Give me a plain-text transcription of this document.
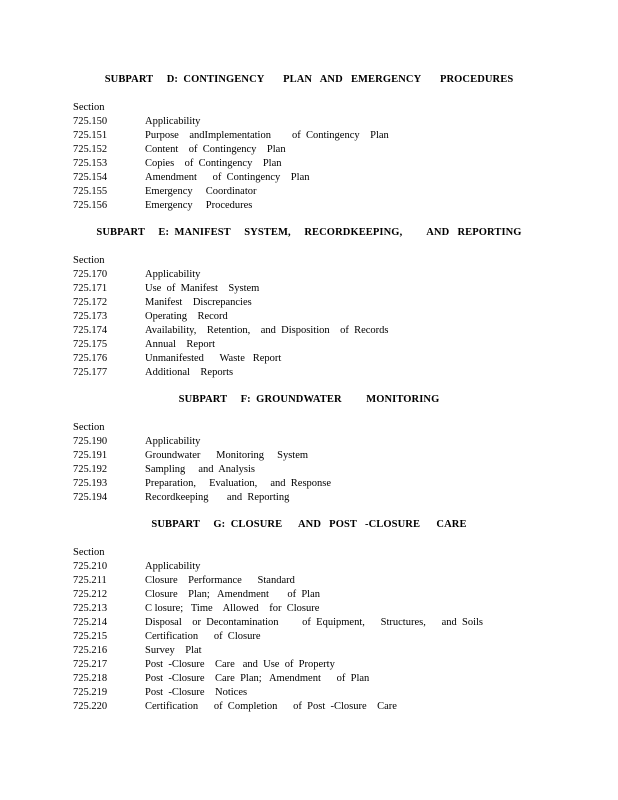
SUBPART     D:  CONTINGENCY       PLAN   AND   EMERGENCY       PROCEDURES
Section
725.150	Applicability
725.151	Purpose    andImplementation        of  Contingency    Plan
725.152	Content    of  Contingency    Plan
725.153	Copies    of  Contingency    Plan
725.154	Amendment      of  Contingency    Plan
725.155	Emergency     Coordinator
725.156	Emergency     Procedures
SUBPART     E:  MANIFEST     SYSTEM,     RECORDKEEPING,         AND   REPORTING
Section
725.170	Applicability
725.171	Use  of  Manifest    System
725.172	Manifest    Discrepancies
725.173	Operating    Record
725.174	Availability,    Retention,    and  Disposition    of  Records
725.175	Annual    Report
725.176	Unmanifested      Waste   Report
725.177	Additional    Reports
SUBPART     F:  GROUNDWATER         MONITORING
Section
725.190	Applicability
725.191	Groundwater      Monitoring     System
725.192	Sampling     and  Analysis
725.193	Preparation,     Evaluation,     and  Response
725.194	Recordkeeping       and  Reporting
SUBPART     G:  CLOSURE      AND   POST   -CLOSURE      CARE
Section
725.210	Applicability
725.211	Closure    Performance      Standard
725.212	Closure    Plan;   Amendment       of  Plan
725.213	C losure;   Time    Allowed    for  Closure
725.214	Disposal    or  Decontamination         of  Equipment,      Structures,      and  Soils
725.215	Certification      of  Closure
725.216	Survey    Plat
725.217	Post  -Closure    Care   and  Use  of  Property
725.218	Post  -Closure    Care  Plan;   Amendment      of  Plan
725.219	Post  -Closure    Notices
725.220	Certification      of  Completion      of  Post  -Closure    Care
